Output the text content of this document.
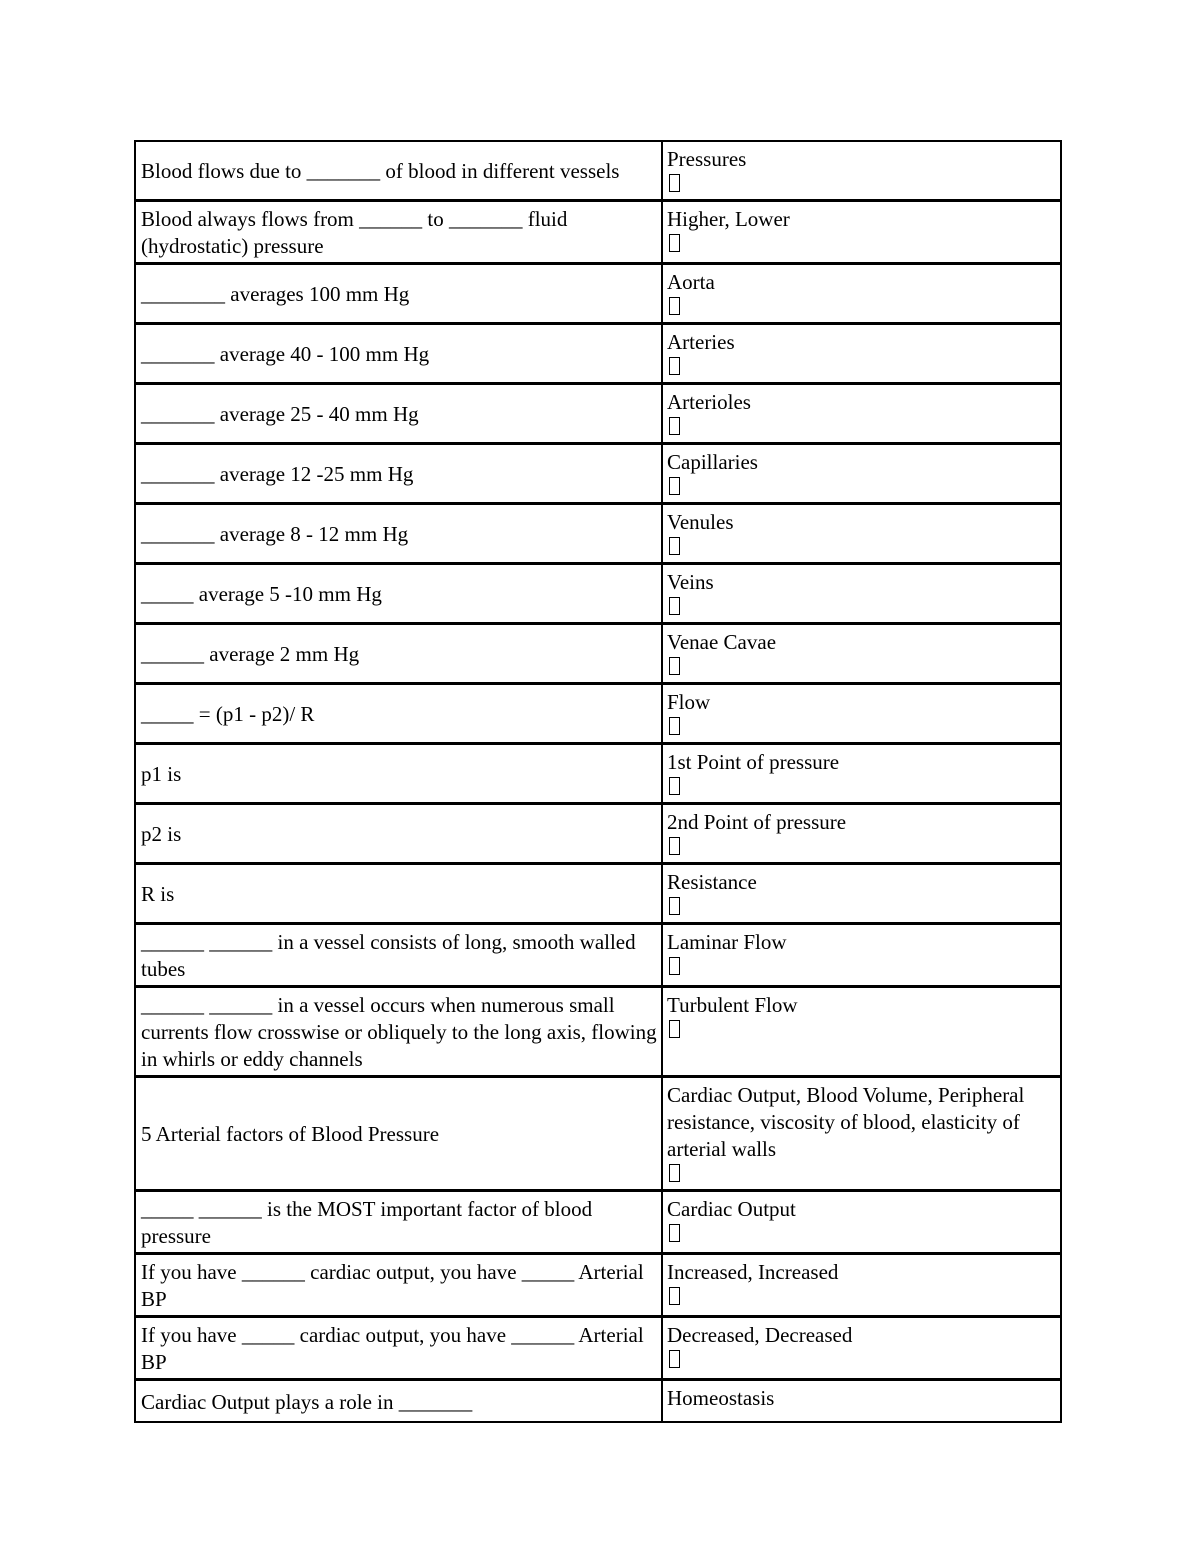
Blood flows due to _______ of blood in different vessels	Pressures

Blood always flows from ______ to _______ fluid (hydrostatic) pressure	Higher, Lower

________ averages 100 mm Hg	Aorta

_______ average 40 - 100 mm Hg	Arteries

_______ average 25 - 40 mm Hg	Arterioles

_______ average 12 -25 mm Hg	Capillaries

_______ average 8 - 12 mm Hg	Venules

_____ average 5 -10 mm Hg	Veins

______ average 2 mm Hg	Venae Cavae

_____ = (p1 - p2)/ R	Flow

p1 is	1st Point of pressure

p2 is	2nd Point of pressure

R is	Resistance

______ ______ in a vessel consists of long, smooth walled tubes	Laminar Flow

______ ______ in a vessel occurs when numerous small currents flow crosswise or obliquely to the long axis, flowing in whirls or eddy channels	Turbulent Flow

5 Arterial factors of Blood Pressure	Cardiac Output, Blood Volume, Peripheral resistance, viscosity of blood, elasticity of arterial walls

_____ ______ is the MOST important factor of blood pressure	Cardiac Output

If you have ______ cardiac output, you have _____ Arterial BP	Increased, Increased

If you have _____ cardiac output, you have ______ Arterial BP	Decreased, Decreased

Cardiac Output plays a role in _______	Homeostasis
